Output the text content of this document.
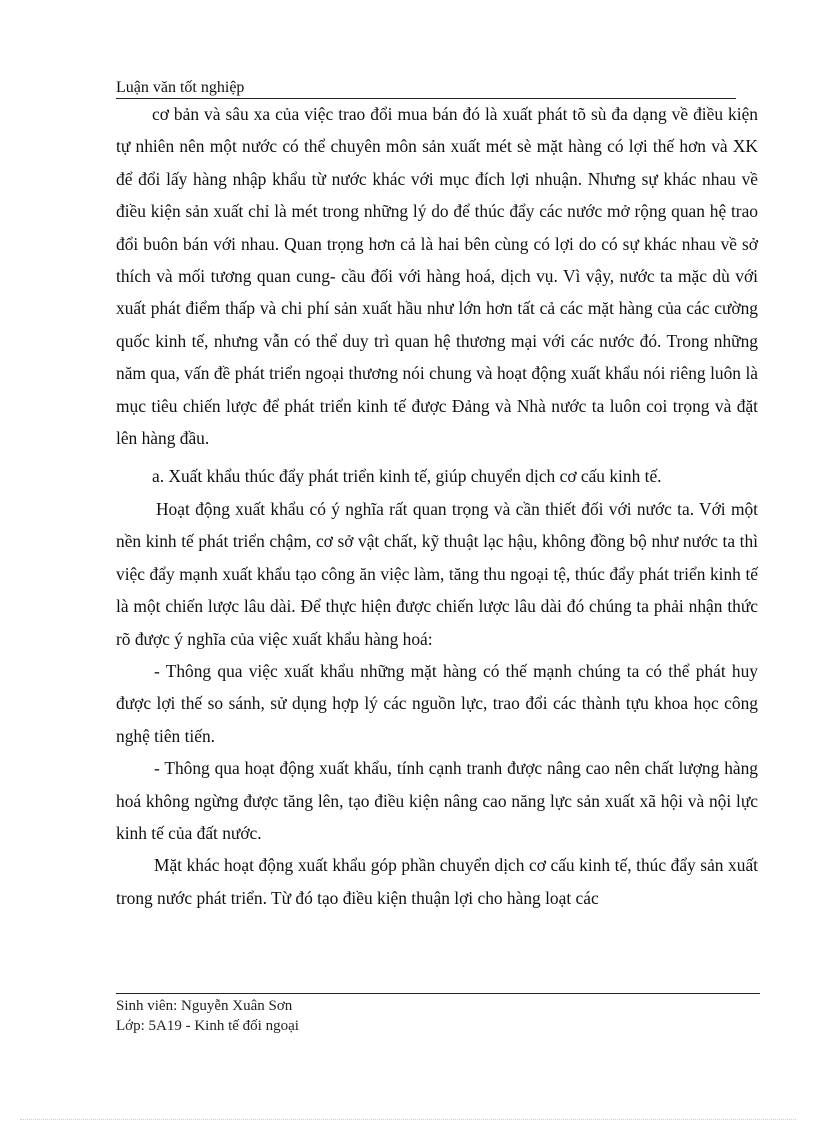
Luận văn tốt nghiệp

cơ bản và sâu xa của việc trao đổi mua bán đó là xuất phát tõ sù đa dạng về điều kiện tự nhiên nên một nước có thể chuyên môn sản xuất mét sè mặt hàng có lợi thế hơn và XK để đổi lấy hàng nhập khẩu từ nước khác với mục đích lợi nhuận. Nhưng sự khác nhau về điều kiện sản xuất chỉ là mét trong những lý do để thúc đẩy các nước mở rộng quan hệ trao đổi buôn bán với nhau. Quan trọng hơn cả là hai bên cùng có lợi do có sự khác nhau về sở thích và mối tương quan cung- cầu đối với hàng hoá, dịch vụ. Vì vậy, nước ta mặc dù với xuất phát điểm thấp và chi phí sản xuất hầu như lớn hơn tất cả các mặt hàng của các cường quốc kinh tế, nhưng vẫn có thể duy trì quan hệ thương mại với các nước đó. Trong những năm qua, vấn đề phát triển ngoại thương nói chung và hoạt động xuất khẩu nói riêng luôn là mục tiêu chiến lược để phát triển kinh tế được Đảng và Nhà nước ta luôn coi trọng và đặt lên hàng đầu.

a. Xuất khẩu thúc đẩy phát triển kinh tế, giúp chuyển dịch cơ cấu kinh tế.

Hoạt động xuất khẩu có ý nghĩa rất quan trọng và cần thiết đối với nước ta. Với một nền kinh tế phát triển chậm, cơ sở vật chất, kỹ thuật lạc hậu, không đồng bộ như nước ta thì việc đẩy mạnh xuất khẩu tạo công ăn việc làm, tăng thu ngoại tệ, thúc đẩy phát triển kinh tế là một chiến lược lâu dài. Để thực hiện được chiến lược lâu dài đó chúng ta phải nhận thức rõ được ý nghĩa của việc xuất khẩu hàng hoá:

- Thông qua việc xuất khẩu những mặt hàng có thế mạnh chúng ta có thể phát huy được lợi thế so sánh, sử dụng hợp lý các nguồn lực, trao đổi các thành tựu khoa học công nghệ tiên tiến.

- Thông qua hoạt động xuất khẩu, tính cạnh tranh được nâng cao nên chất lượng hàng hoá không ngừng được tăng lên, tạo điều kiện nâng cao năng lực sản xuất xã hội và nội lực kinh tế của đất nước.

Mặt khác hoạt động xuất khẩu góp phần chuyển dịch cơ cấu kinh tế, thúc đẩy sản xuất trong nước phát triển. Từ đó tạo điều kiện thuận lợi cho hàng loạt các

Sinh viên: Nguyễn Xuân Sơn
Lớp: 5A19 - Kinh tế đối ngoại
